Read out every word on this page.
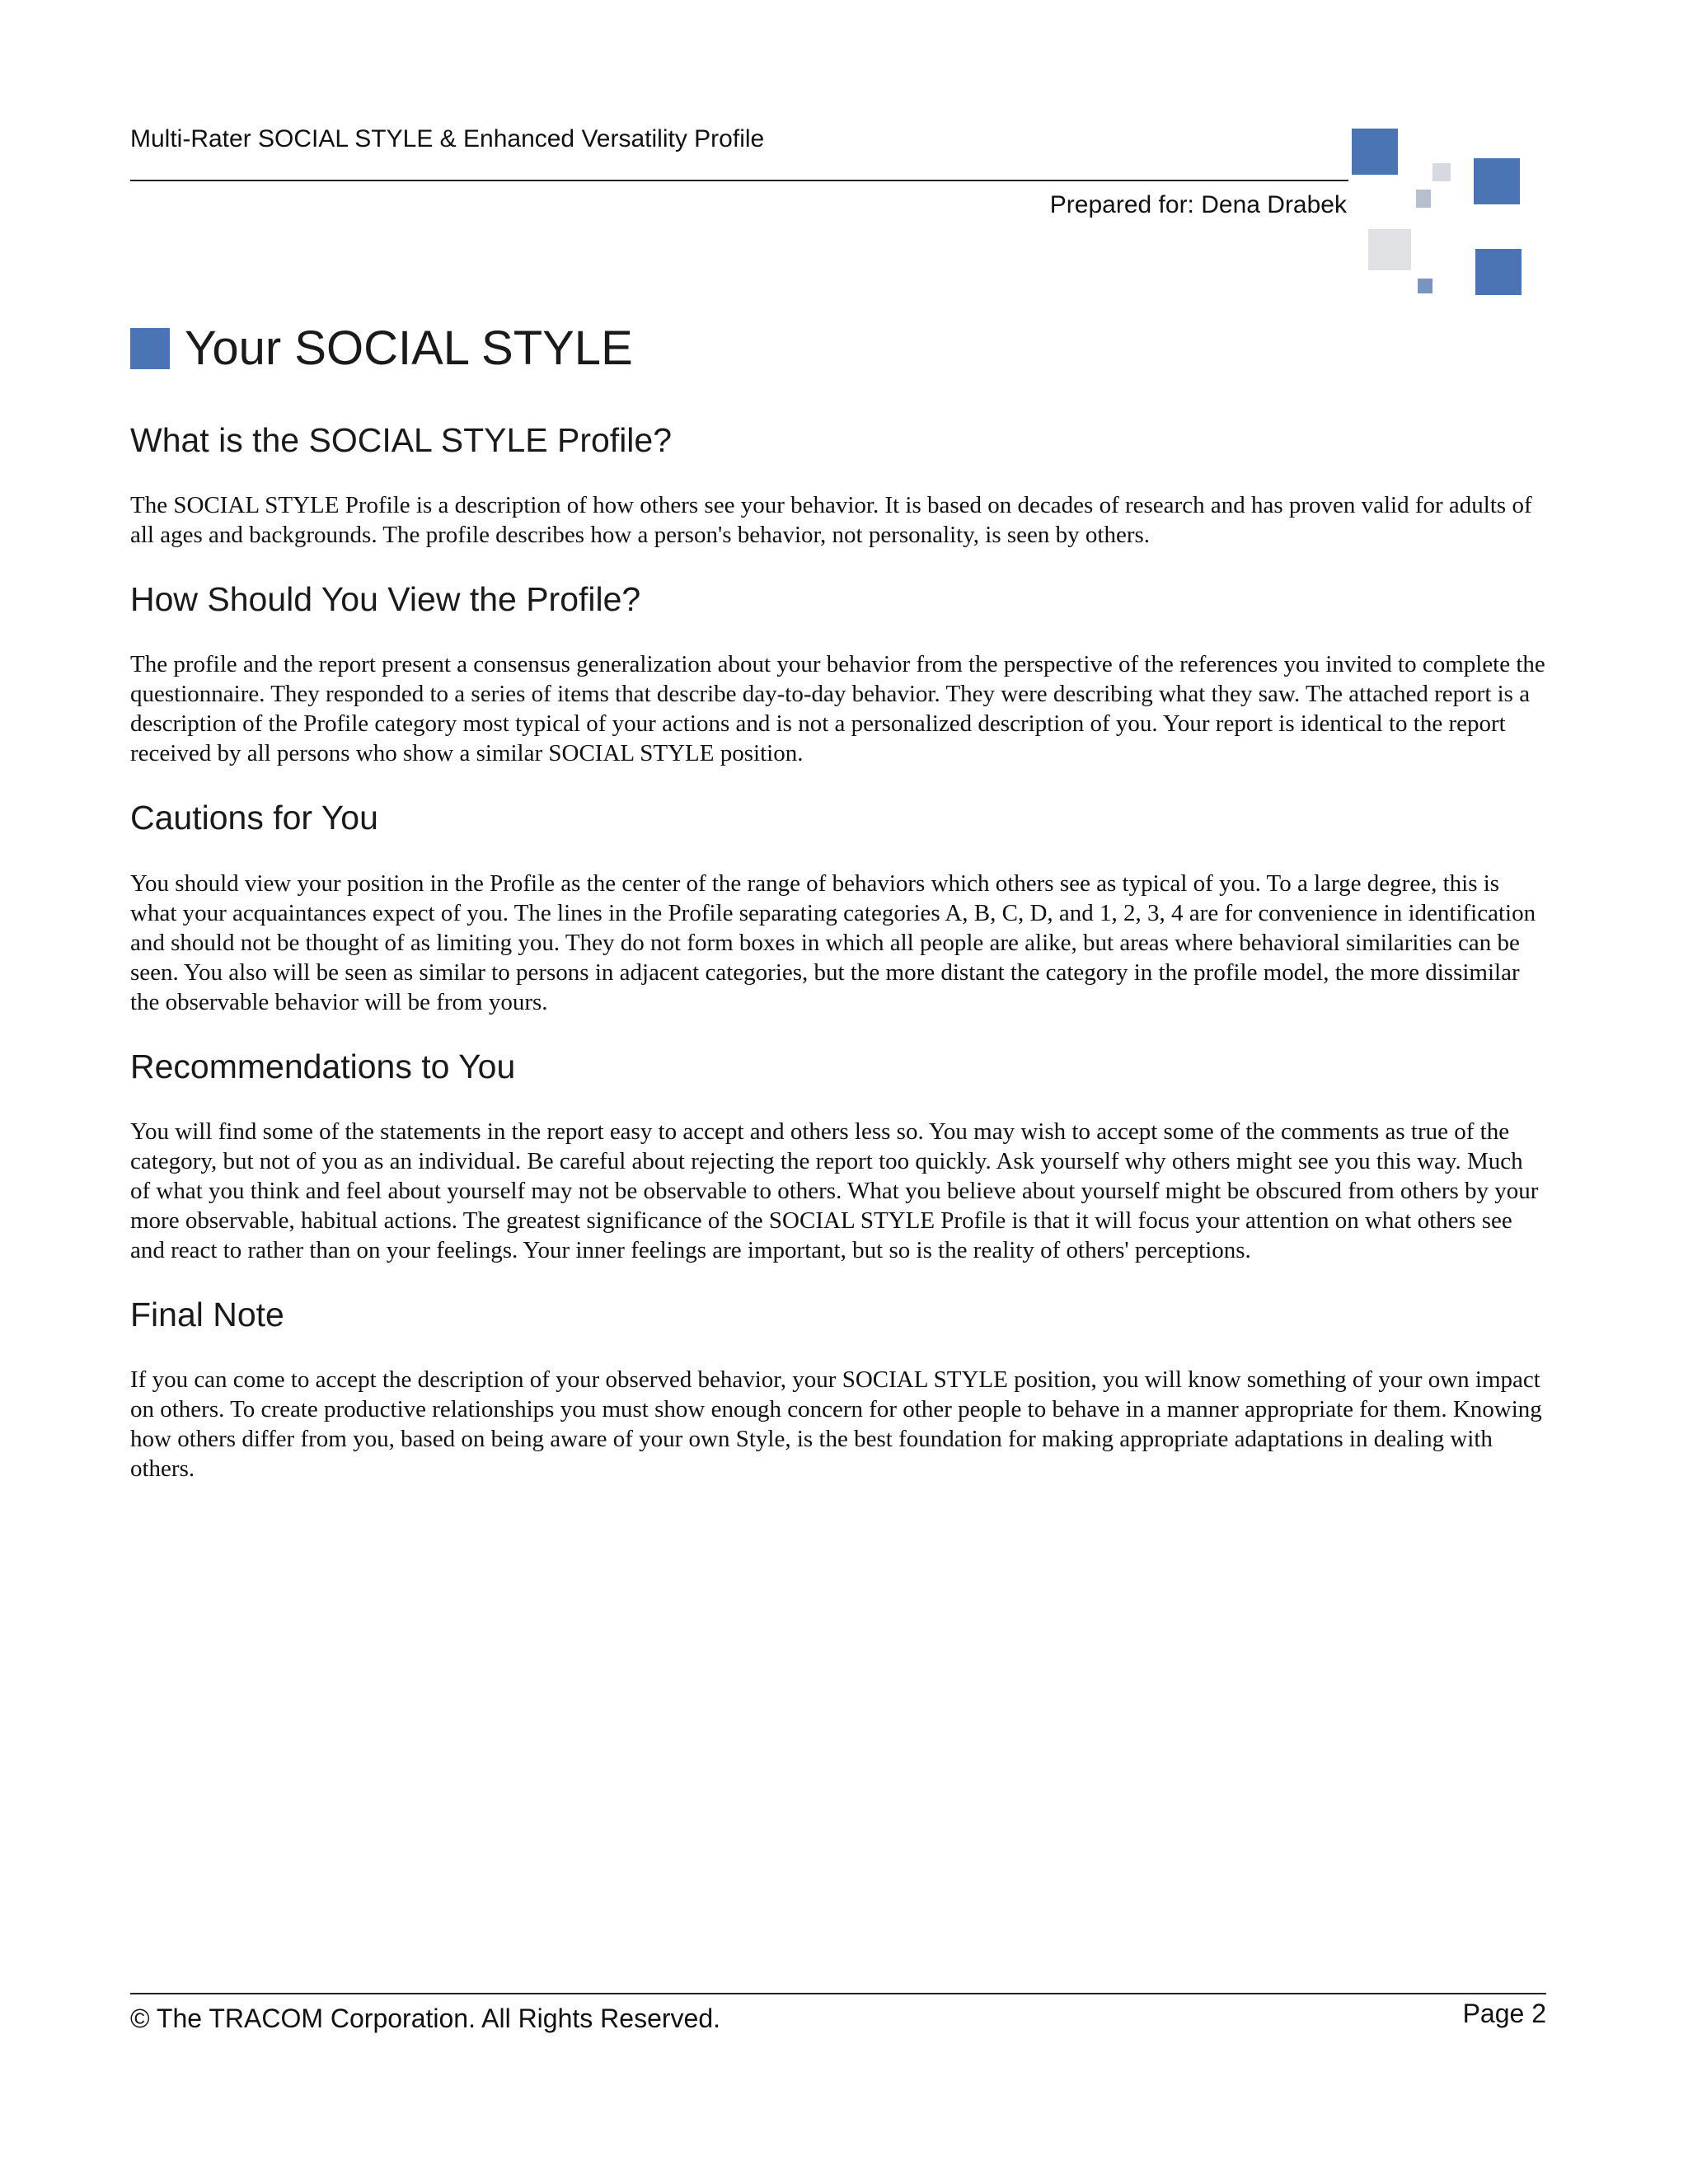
Multi-Rater SOCIAL STYLE & Enhanced Versatility Profile
Prepared for: Dena Drabek
Your SOCIAL STYLE
What is the SOCIAL STYLE Profile?

The SOCIAL STYLE Profile is a description of how others see your behavior. It is based on decades of research and has proven valid for adults of all ages and backgrounds. The profile describes how a person's behavior, not personality, is seen by others.

How Should You View the Profile?

The profile and the report present a consensus generalization about your behavior from the perspective of the references you invited to complete the questionnaire. They responded to a series of items that describe day-to-day behavior. They were describing what they saw. The attached report is a description of the Profile category most typical of your actions and is not a personalized description of you. Your report is identical to the report received by all persons who show a similar SOCIAL STYLE position.

Cautions for You

You should view your position in the Profile as the center of the range of behaviors which others see as typical of you. To a large degree, this is what your acquaintances expect of you. The lines in the Profile separating categories A, B, C, D, and 1, 2, 3, 4 are for convenience in identification and should not be thought of as limiting you. They do not form boxes in which all people are alike, but areas where behavioral similarities can be seen. You also will be seen as similar to persons in adjacent categories, but the more distant the category in the profile model, the more dissimilar the observable behavior will be from yours.

Recommendations to You

You will find some of the statements in the report easy to accept and others less so. You may wish to accept some of the comments as true of the category, but not of you as an individual. Be careful about rejecting the report too quickly. Ask yourself why others might see you this way. Much of what you think and feel about yourself may not be observable to others. What you believe about yourself might be obscured from others by your more observable, habitual actions. The greatest significance of the SOCIAL STYLE Profile is that it will focus your attention on what others see and react to rather than on your feelings. Your inner feelings are important, but so is the reality of others' perceptions.

Final Note

If you can come to accept the description of your observed behavior, your SOCIAL STYLE position, you will know something of your own impact on others. To create productive relationships you must show enough concern for other people to behave in a manner appropriate for them. Knowing how others differ from you, based on being aware of your own Style, is the best foundation for making appropriate adaptations in dealing with others.

© The TRACOM Corporation. All Rights Reserved.	Page 2
